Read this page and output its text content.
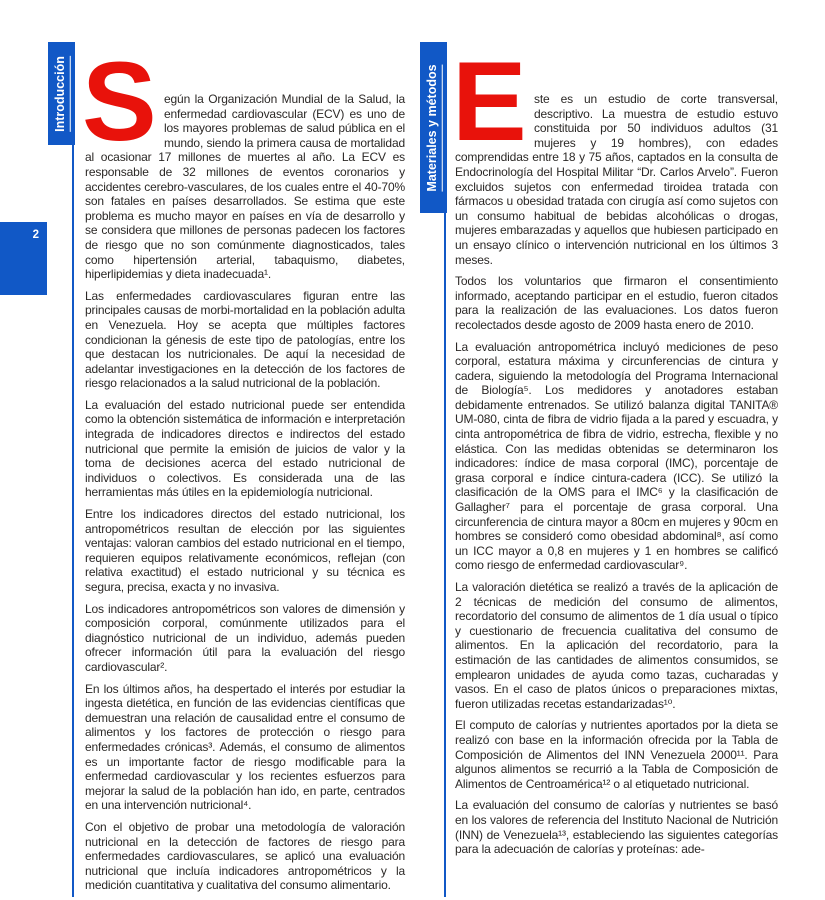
Introducción
2
Materiales y métodos

S egún la Organización Mundial de la Salud, la enfermedad cardiovascular (ECV) es uno de los mayores problemas de salud pública en el mundo, siendo la primera causa de mortalidad al ocasionar 17 millones de muertes al año. La ECV es responsable de 32 millones de eventos coronarios y accidentes cerebro-vasculares, de los cuales entre el 40-70% son fatales en países desarrollados. Se estima que este problema es mucho mayor en países en vía de desarrollo y se considera que millones de personas padecen los factores de riesgo que no son comúnmente diagnosticados, tales como hipertensión arterial, tabaquismo, diabetes, hiperlipidemias y dieta inadecuada¹.

Las enfermedades cardiovasculares figuran entre las principales causas de morbi-mortalidad en la población adulta en Venezuela. Hoy se acepta que múltiples factores condicionan la génesis de este tipo de patologías, entre los que destacan los nutricionales. De aquí la necesidad de adelantar investigaciones en la detección de los factores de riesgo relacionados a la salud nutricional de la población.

La evaluación del estado nutricional puede ser entendida como la obtención sistemática de información e interpretación integrada de indicadores directos e indirectos del estado nutricional que permite la emisión de juicios de valor y la toma de decisiones acerca del estado nutricional de individuos o colectivos. Es considerada una de las herramientas más útiles en la epidemiología nutricional.

Entre los indicadores directos del estado nutricional, los antropométricos resultan de elección por las siguientes ventajas: valoran cambios del estado nutricional en el tiempo, requieren equipos relativamente económicos, reflejan (con relativa exactitud) el estado nutricional y su técnica es segura, precisa, exacta y no invasiva.

Los indicadores antropométricos son valores de dimensión y composición corporal, comúnmente utilizados para el diagnóstico nutricional de un individuo, además pueden ofrecer información útil para la evaluación del riesgo cardiovascular².

En los últimos años, ha despertado el interés por estudiar la ingesta dietética, en función de las evidencias científicas que demuestran una relación de causalidad entre el consumo de alimentos y los factores de protección o riesgo para enfermedades crónicas³. Además, el consumo de alimentos es un importante factor de riesgo modificable para la enfermedad cardiovascular y los recientes esfuerzos para mejorar la salud de la población han ido, en parte, centrados en una intervención nutricional⁴.

Con el objetivo de probar una metodología de valoración nutricional en la detección de factores de riesgo para enfermedades cardiovasculares, se aplicó una evaluación nutricional que incluía indicadores antropométricos y la medición cuantitativa y cualitativa del consumo alimentario.

E ste es un estudio de corte transversal, descriptivo. La muestra de estudio estuvo constituida por 50 individuos adultos (31 mujeres y 19 hombres), con edades comprendidas entre 18 y 75 años, captados en la consulta de Endocrinología del Hospital Militar “Dr. Carlos Arvelo”. Fueron excluidos sujetos con enfermedad tiroidea tratada con fármacos u obesidad tratada con cirugía así como sujetos con un consumo habitual de bebidas alcohólicas o drogas, mujeres embarazadas y aquellos que hubiesen participado en un ensayo clínico o intervención nutricional en los últimos 3 meses.

Todos los voluntarios que firmaron el consentimiento informado, aceptando participar en el estudio, fueron citados para la realización de las evaluaciones. Los datos fueron recolectados desde agosto de 2009 hasta enero de 2010.

La evaluación antropométrica incluyó mediciones de peso corporal, estatura máxima y circunferencias de cintura y cadera, siguiendo la metodología del Programa Internacional de Biología⁵. Los medidores y anotadores estaban debidamente entrenados. Se utilizó balanza digital TANITA® UM-080, cinta de fibra de vidrio fijada a la pared y escuadra, y cinta antropométrica de fibra de vidrio, estrecha, flexible y no elástica. Con las medidas obtenidas se determinaron los indicadores: índice de masa corporal (IMC), porcentaje de grasa corporal e índice cintura-cadera (ICC). Se utilizó la clasificación de la OMS para el IMC⁶ y la clasificación de Gallagher⁷ para el porcentaje de grasa corporal. Una circunferencia de cintura mayor a 80cm en mujeres y 90cm en hombres se consideró como obesidad abdominal⁸, así como un ICC mayor a 0,8 en mujeres y 1 en hombres se calificó como riesgo de enfermedad cardiovascular⁹.

La valoración dietética se realizó a través de la aplicación de 2 técnicas de medición del consumo de alimentos, recordatorio del consumo de alimentos de 1 día usual o típico y cuestionario de frecuencia cualitativa del consumo de alimentos. En la aplicación del recordatorio, para la estimación de las cantidades de alimentos consumidos, se emplearon unidades de ayuda como tazas, cucharadas y vasos. En el caso de platos únicos o preparaciones mixtas, fueron utilizadas recetas estandarizadas¹⁰.

El computo de calorías y nutrientes aportados por la dieta se realizó con base en la información ofrecida por la Tabla de Composición de Alimentos del INN Venezuela 2000¹¹. Para algunos alimentos se recurrió a la Tabla de Composición de Alimentos de Centroamérica¹² o al etiquetado nutricional.

La evaluación del consumo de calorías y nutrientes se basó en los valores de referencia del Instituto Nacional de Nutrición (INN) de Venezuela¹³, estableciendo las siguientes categorías para la adecuación de calorías y proteínas: ade-
